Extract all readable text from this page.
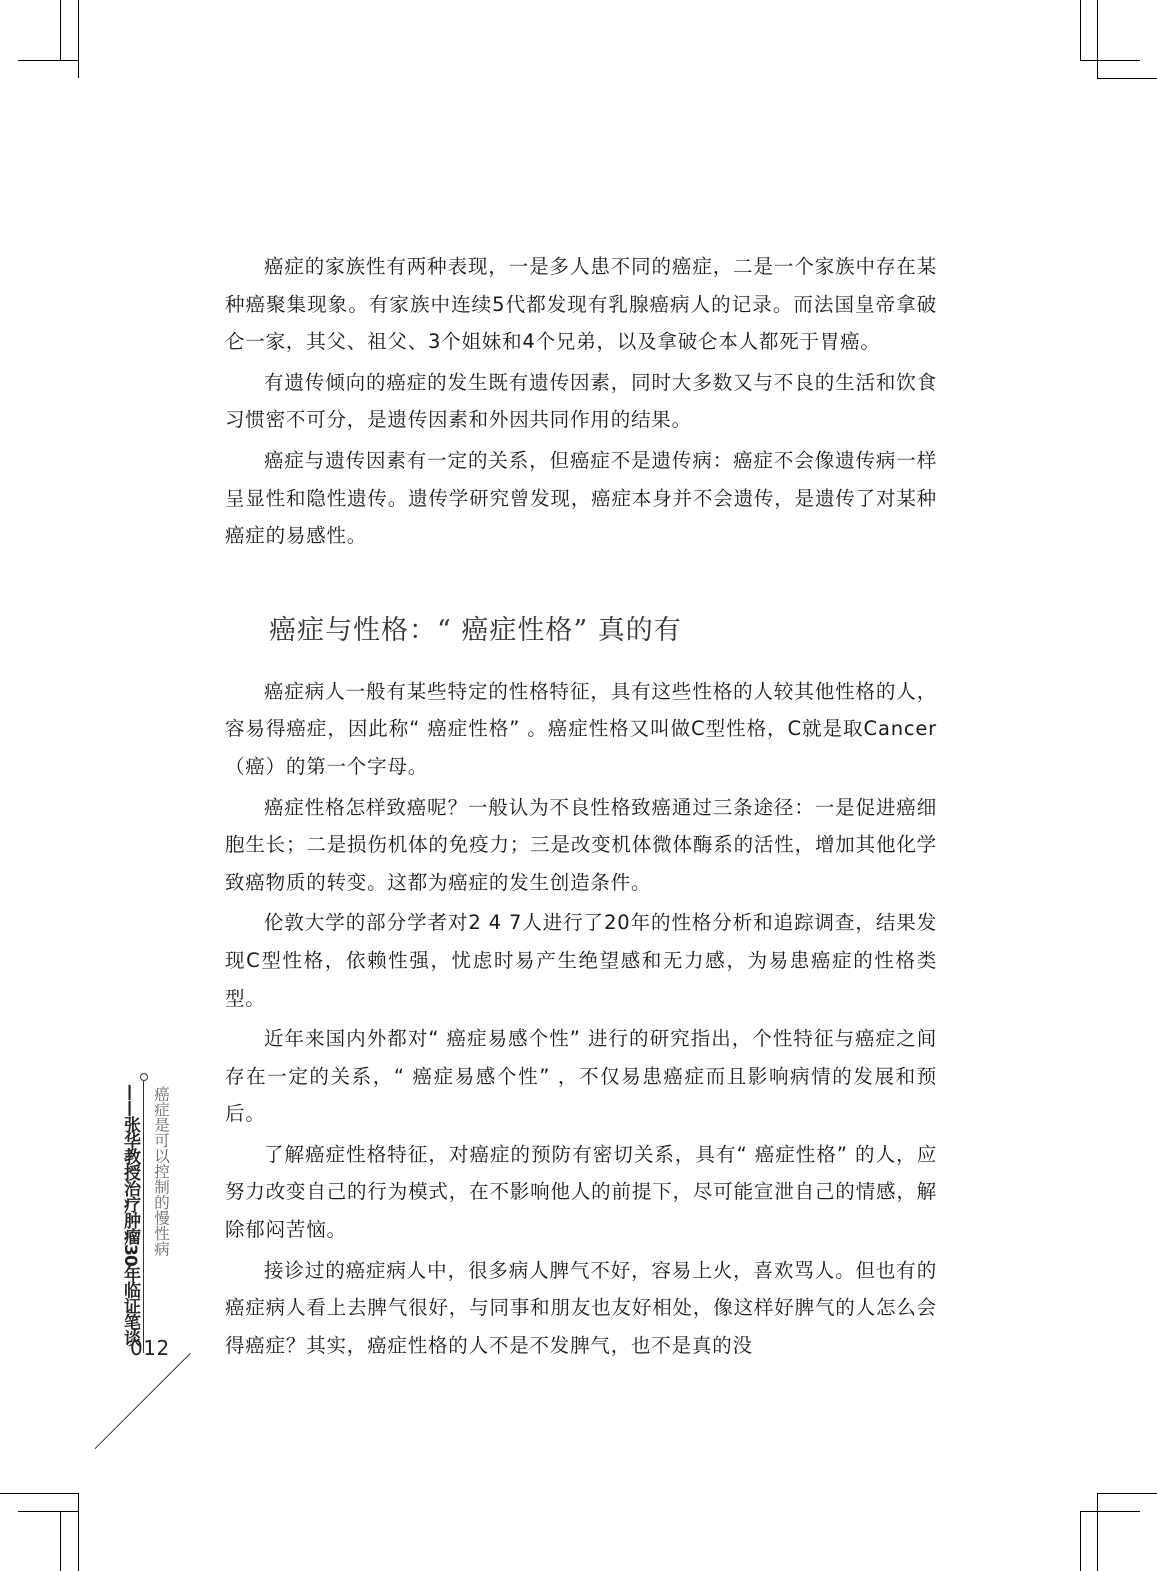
癌症的家族性有两种表现，一是多人患不同的癌症，二是一个家族中存在某种癌聚集现象。有家族中连续5代都发现有乳腺癌病人的记录。而法国皇帝拿破仑一家，其父、祖父、3个姐妹和4个兄弟，以及拿破仑本人都死于胃癌。

有遗传倾向的癌症的发生既有遗传因素，同时大多数又与不良的生活和饮食习惯密不可分，是遗传因素和外因共同作用的结果。

癌症与遗传因素有一定的关系，但癌症不是遗传病：癌症不会像遗传病一样呈显性和隐性遗传。遗传学研究曾发现，癌症本身并不会遗传，是遗传了对某种癌症的易感性。

癌症与性格：“ 癌症性格” 真的有

癌症病人一般有某些特定的性格特征，具有这些性格的人较其他性格的人，容易得癌症，因此称“ 癌症性格” 。癌症性格又叫做C型性格，C就是取Cancer（癌）的第一个字母。

癌症性格怎样致癌呢？一般认为不良性格致癌通过三条途径：一是促进癌细胞生长；二是损伤机体的免疫力；三是改变机体微体酶系的活性，增加其他化学致癌物质的转变。这都为癌症的发生创造条件。

伦敦大学的部分学者对2 4 7人进行了20年的性格分析和追踪调查，结果发现C型性格，依赖性强，忧虑时易产生绝望感和无力感，为易患癌症的性格类型。

近年来国内外都对“ 癌症易感个性” 进行的研究指出，个性特征与癌症之间存在一定的关系，“ 癌症易感个性” ，不仅易患癌症而且影响病情的发展和预后。

了解癌症性格特征，对癌症的预防有密切关系，具有“ 癌症性格” 的人，应努力改变自己的行为模式，在不影响他人的前提下，尽可能宣泄自己的情感，解除郁闷苦恼。

接诊过的癌症病人中，很多病人脾气不好，容易上火，喜欢骂人。但也有的癌症病人看上去脾气很好，与同事和朋友也友好相处，像这样好脾气的人怎么会得癌症？其实，癌症性格的人不是不发脾气，也不是真的没

——张华教授治疗肿瘤30年临证笔谈 癌症是可以控制的慢性病
012
